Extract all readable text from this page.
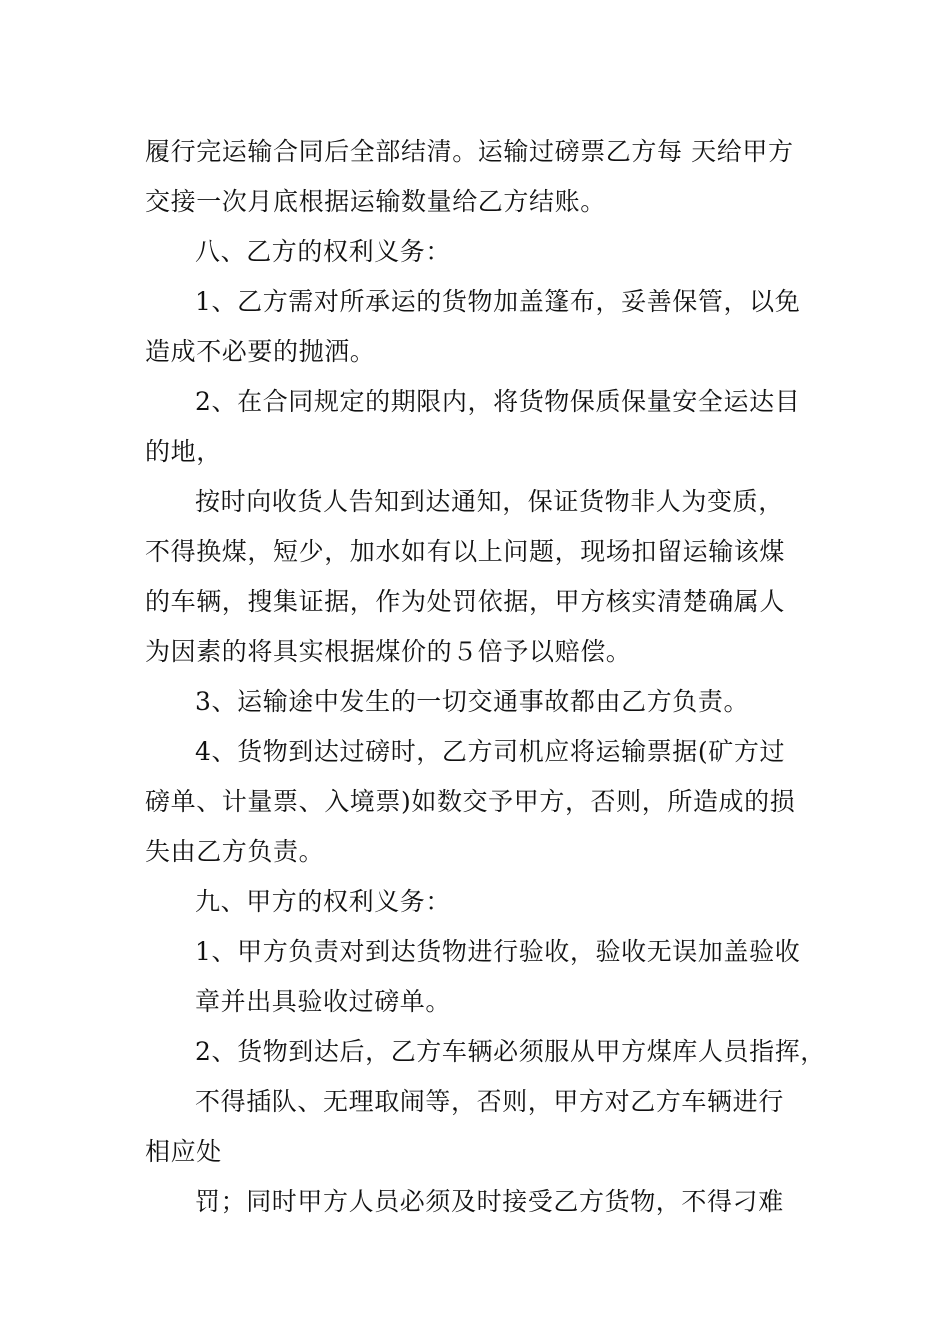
履行完运输合同后全部结清。运输过磅票乙方每 天给甲方
交接一次月底根据运输数量给乙方结账。
八、乙方的权利义务：
1、乙方需对所承运的货物加盖篷布，妥善保管，以免
造成不必要的抛洒。
2、在合同规定的期限内，将货物保质保量安全运达目
的地，
按时向收货人告知到达通知，保证货物非人为变质，
不得换煤，短少，加水如有以上问题，现场扣留运输该煤
的车辆，搜集证据，作为处罚依据，甲方核实清楚确属人
为因素的将具实根据煤价的５倍予以赔偿。
3、运输途中发生的一切交通事故都由乙方负责。
4、货物到达过磅时，乙方司机应将运输票据(矿方过
磅单、计量票、入境票)如数交予甲方，否则，所造成的损
失由乙方负责。
九、甲方的权利义务：
1、甲方负责对到达货物进行验收，验收无误加盖验收
章并出具验收过磅单。
2、货物到达后，乙方车辆必须服从甲方煤库人员指挥，
不得插队、无理取闹等，否则，甲方对乙方车辆进行
相应处
罚；同时甲方人员必须及时接受乙方货物，不得刁难
